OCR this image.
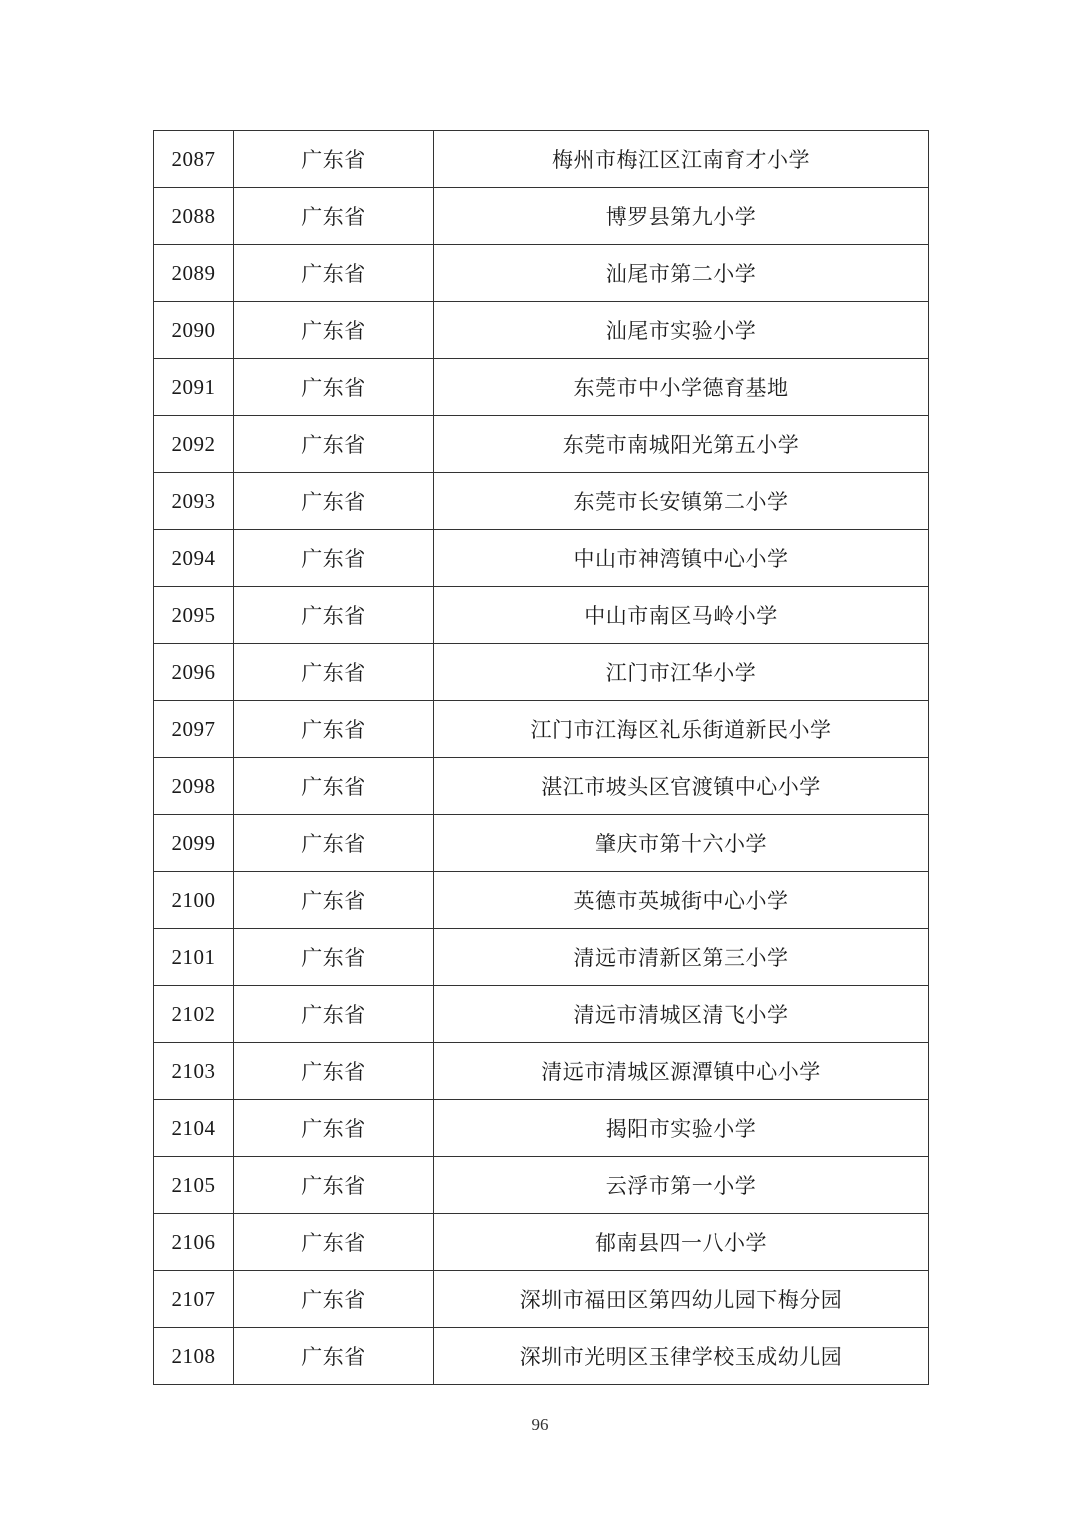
2087	广东省	梅州市梅江区江南育才小学
2088	广东省	博罗县第九小学
2089	广东省	汕尾市第二小学
2090	广东省	汕尾市实验小学
2091	广东省	东莞市中小学德育基地
2092	广东省	东莞市南城阳光第五小学
2093	广东省	东莞市长安镇第二小学
2094	广东省	中山市神湾镇中心小学
2095	广东省	中山市南区马岭小学
2096	广东省	江门市江华小学
2097	广东省	江门市江海区礼乐街道新民小学
2098	广东省	湛江市坡头区官渡镇中心小学
2099	广东省	肇庆市第十六小学
2100	广东省	英德市英城街中心小学
2101	广东省	清远市清新区第三小学
2102	广东省	清远市清城区清飞小学
2103	广东省	清远市清城区源潭镇中心小学
2104	广东省	揭阳市实验小学
2105	广东省	云浮市第一小学
2106	广东省	郁南县四一八小学
2107	广东省	深圳市福田区第四幼儿园下梅分园
2108	广东省	深圳市光明区玉律学校玉成幼儿园
96
